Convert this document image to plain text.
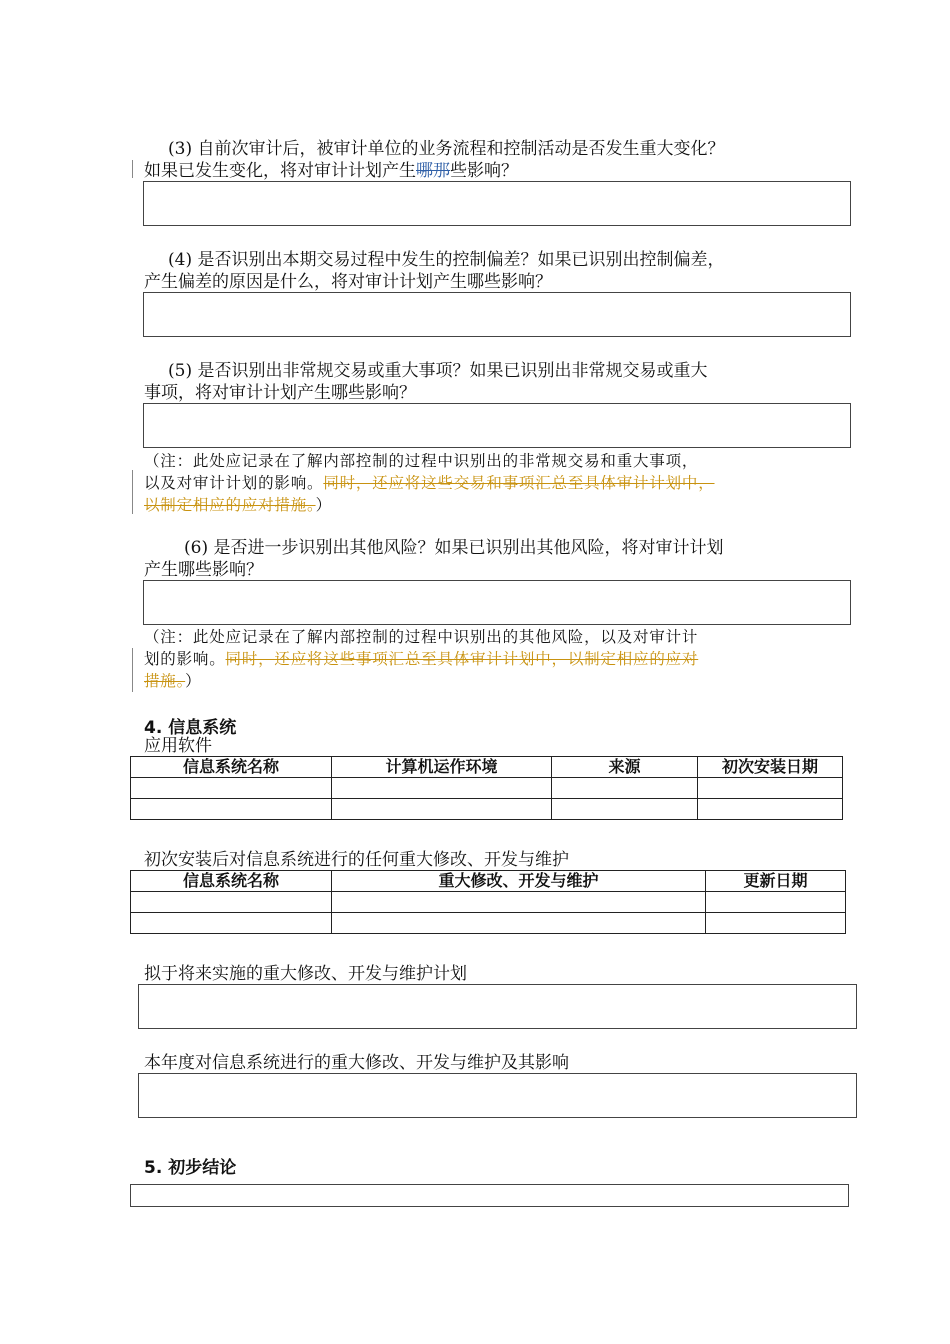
(3) 自前次审计后，被审计单位的业务流程和控制活动是否发生重大变化？
如果已发生变化，将对审计计划产生哪那些影响？
(4) 是否识别出本期交易过程中发生的控制偏差？如果已识别出控制偏差，
产生偏差的原因是什么，将对审计计划产生哪些影响？
(5) 是否识别出非常规交易或重大事项？如果已识别出非常规交易或重大
事项，将对审计计划产生哪些影响？
（注：此处应记录在了解内部控制的过程中识别出的非常规交易和重大事项，
以及对审计计划的影响。同时，还应将这些交易和事项汇总至具体审计计划中，
以制定相应的应对措施。）
(6) 是否进一步识别出其他风险？如果已识别出其他风险，将对审计计划
产生哪些影响？
（注：此处应记录在了解内部控制的过程中识别出的其他风险，以及对审计计
划的影响。同时，还应将这些事项汇总至具体审计计划中，以制定相应的应对
措施。）
4. 信息系统
应用软件
信息系统名称	计算机运作环境	来源	初次安装日期

初次安装后对信息系统进行的任何重大修改、开发与维护
信息系统名称	重大修改、开发与维护	更新日期

拟于将来实施的重大修改、开发与维护计划
本年度对信息系统进行的重大修改、开发与维护及其影响
5. 初步结论
